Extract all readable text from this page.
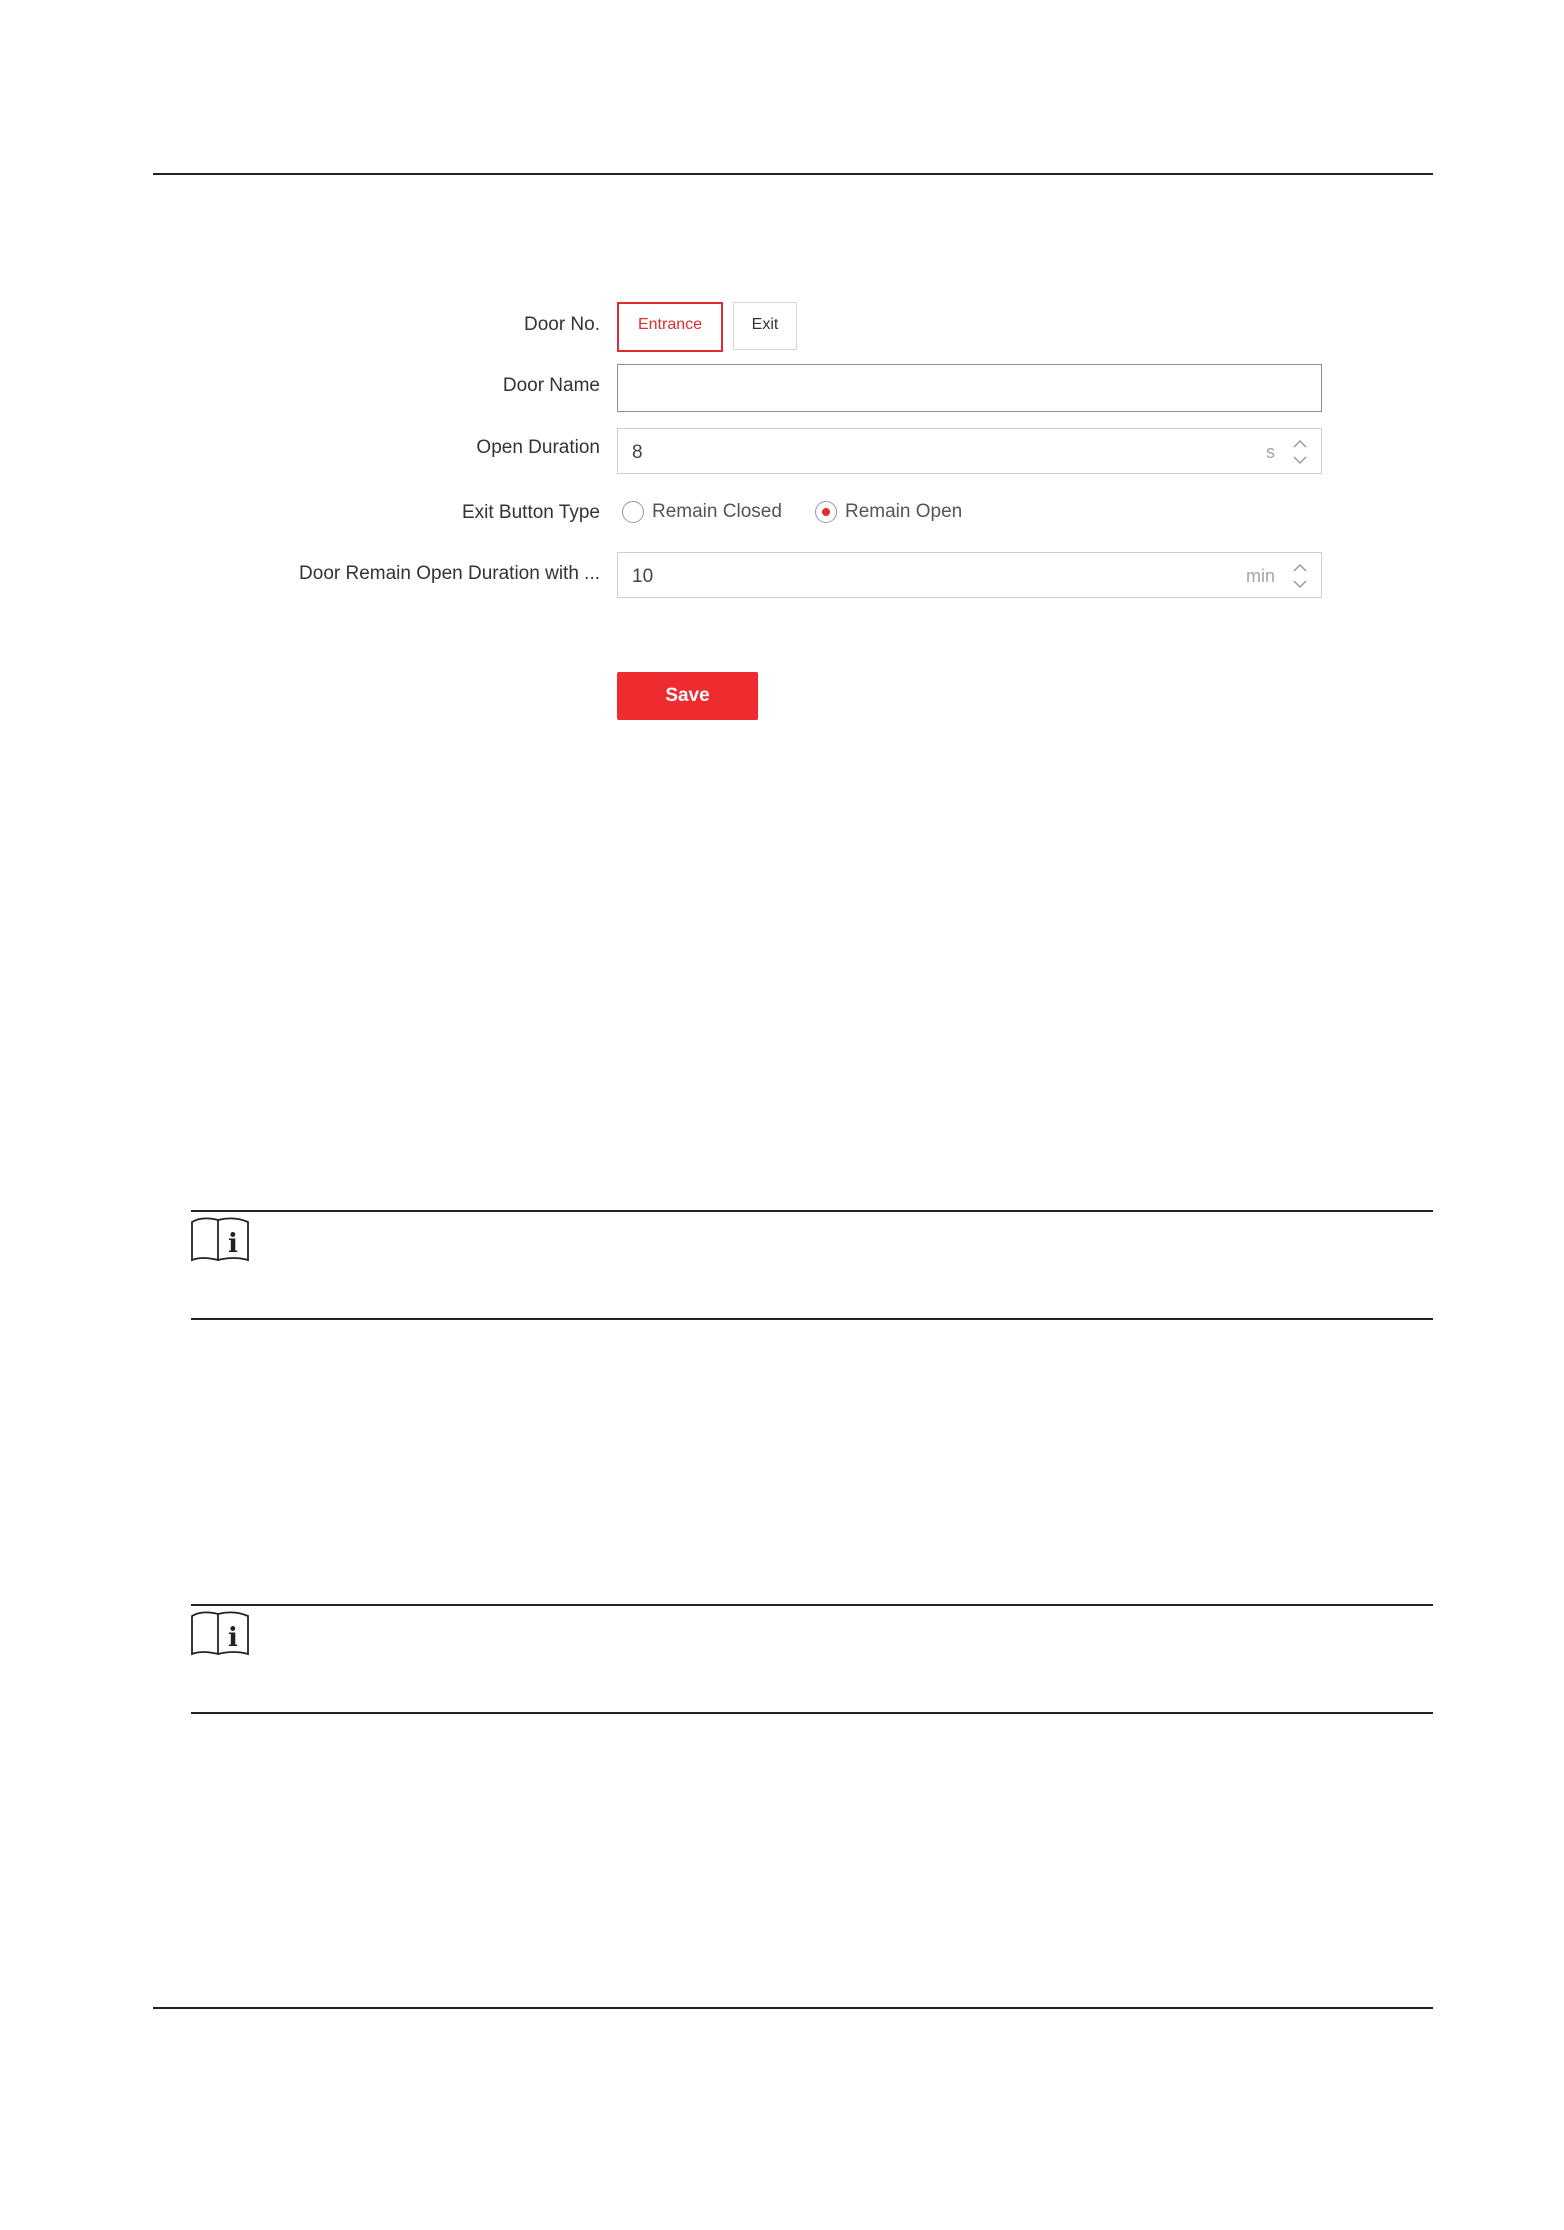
Door No.	Entrance	Exit
Door Name
Open Duration 8	s
Exit Button Type	Remain Closed	Remain Open
Door Remain Open Duration with ... 10	min
Save
i
i
